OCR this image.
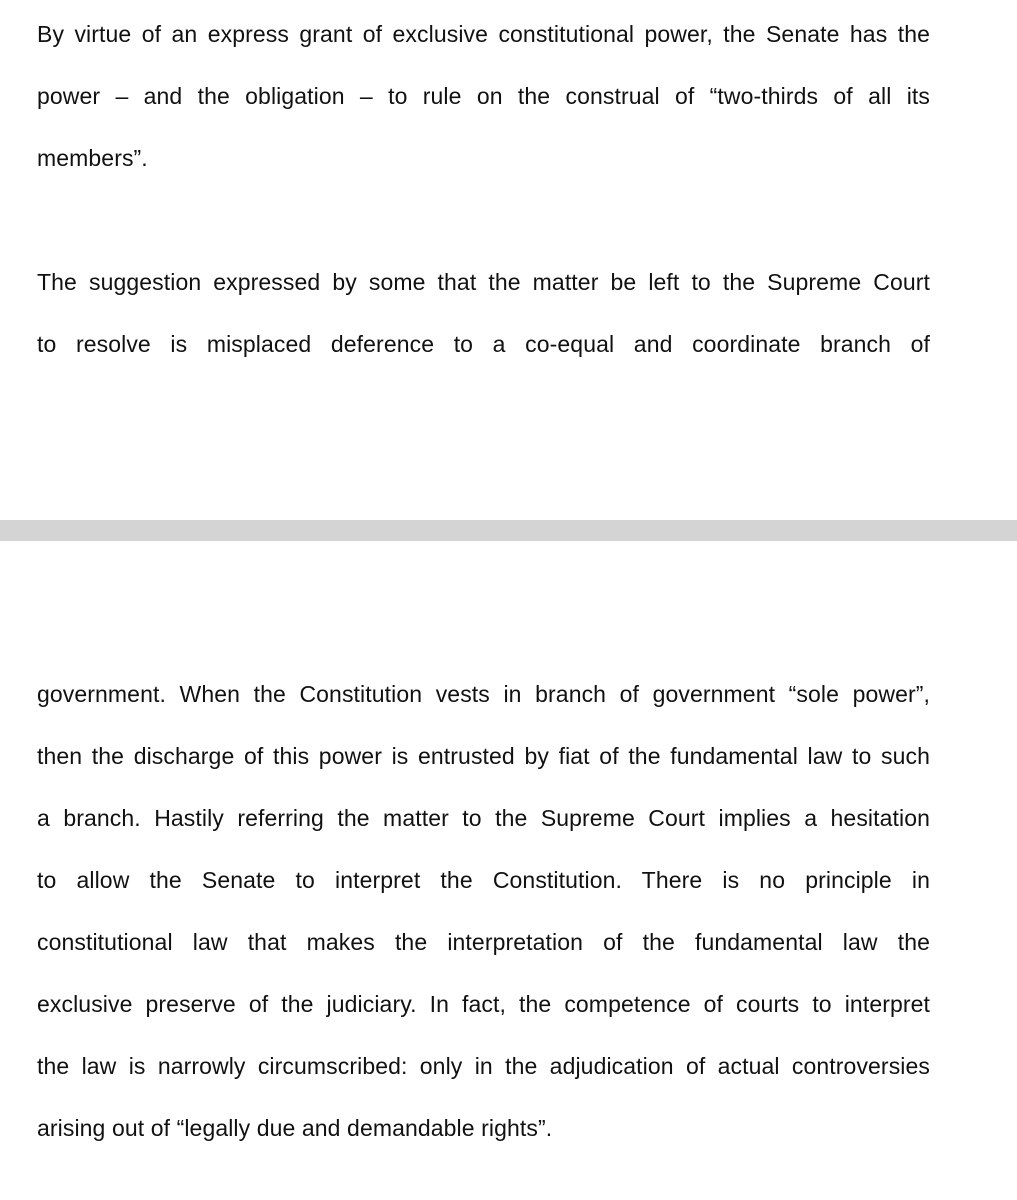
By virtue of an express grant of exclusive constitutional power, the Senate has the
power – and the obligation – to rule on the construal of “two-thirds of all its
members”.

The suggestion expressed by some that the matter be left to the Supreme Court
to resolve is misplaced deference to a co-equal and coordinate branch of

government. When the Constitution vests in branch of government “sole power”,
then the discharge of this power is entrusted by fiat of the fundamental law to such
a branch. Hastily referring the matter to the Supreme Court implies a hesitation
to allow the Senate to interpret the Constitution. There is no principle in
constitutional law that makes the interpretation of the fundamental law the
exclusive preserve of the judiciary. In fact, the competence of courts to interpret
the law is narrowly circumscribed: only in the adjudication of actual controversies
arising out of “legally due and demandable rights”.
